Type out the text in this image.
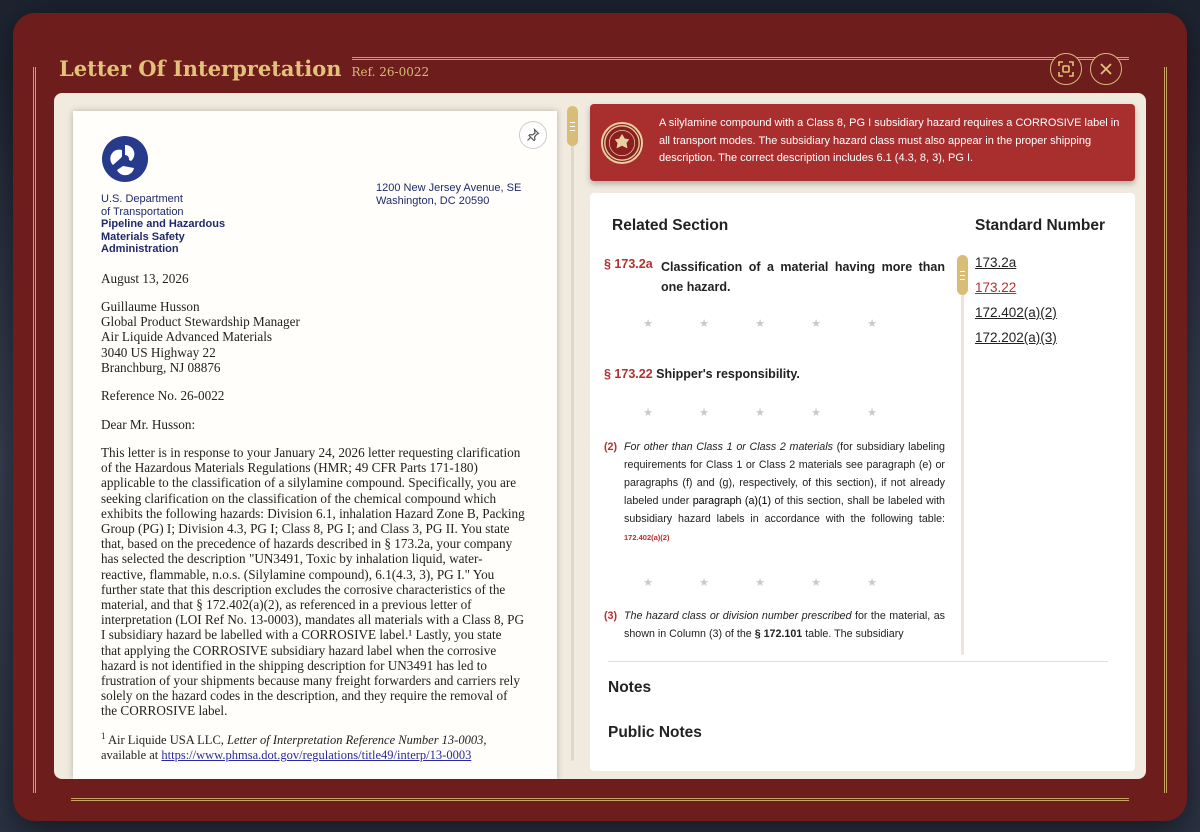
Letter Of Interpretation Ref. 26-0022
U.S. Department
of Transportation
Pipeline and Hazardous
Materials Safety
Administration
1200 New Jersey Avenue, SE
Washington, DC 20590
August 13, 2026
Guillaume Husson
Global Product Stewardship Manager
Air Liquide Advanced Materials
3040 US Highway 22
Branchburg, NJ 08876
Reference No. 26-0022
Dear Mr. Husson:
This letter is in response to your January 24, 2026 letter requesting clarification
of the Hazardous Materials Regulations (HMR; 49 CFR Parts 171-180)
applicable to the classification of a silylamine compound. Specifically, you are
seeking clarification on the classification of the chemical compound which
exhibits the following hazards: Division 6.1, inhalation Hazard Zone B, Packing
Group (PG) I; Division 4.3, PG I; Class 8, PG I; and Class 3, PG II. You state
that, based on the precedence of hazards described in § 173.2a, your company
has selected the description "UN3491, Toxic by inhalation liquid, water-
reactive, flammable, n.o.s. (Silylamine compound), 6.1(4.3, 3), PG I." You
further state that this description excludes the corrosive characteristics of the
material, and that § 172.402(a)(2), as referenced in a previous letter of
interpretation (LOI Ref No. 13-0003), mandates all materials with a Class 8, PG
I subsidiary hazard be labelled with a CORROSIVE label.¹ Lastly, you state
that applying the CORROSIVE subsidiary hazard label when the corrosive
hazard is not identified in the shipping description for UN3491 has led to
frustration of your shipments because many freight forwarders and carriers rely
solely on the hazard codes in the description, and they require the removal of
the CORROSIVE label.
$^1$ Air Liquide USA LLC, Letter of Interpretation Reference Number 13-0003,
available at https://www.phmsa.dot.gov/regulations/title49/interp/13-0003
A silylamine compound with a Class 8, PG I subsidiary hazard requires a CORROSIVE label in all transport modes. The subsidiary hazard class must also appear in the proper shipping description. The correct description includes 6.1 (4.3, 8, 3), PG I.
Related Section	Standard Number
§ 173.2a Classification of a material having more than one hazard.
★	★	★	★	★
§ 173.22 Shipper's responsibility.
★	★	★	★	★
(2) For other than Class 1 or Class 2 materials (for subsidiary labeling requirements for Class 1 or Class 2 materials see paragraph (e) or paragraphs (f) and (g), respectively, of this section), if not already labeled under paragraph (a)(1) of this section, shall be labeled with subsidiary hazard labels in accordance with the following table: 172.402(a)(2)
★	★	★	★	★
(3) The hazard class or division number prescribed for the material, as shown in Column (3) of the § 172.101 table. The subsidiary
173.2a
173.22
172.402(a)(2)
172.202(a)(3)
Notes
Public Notes
